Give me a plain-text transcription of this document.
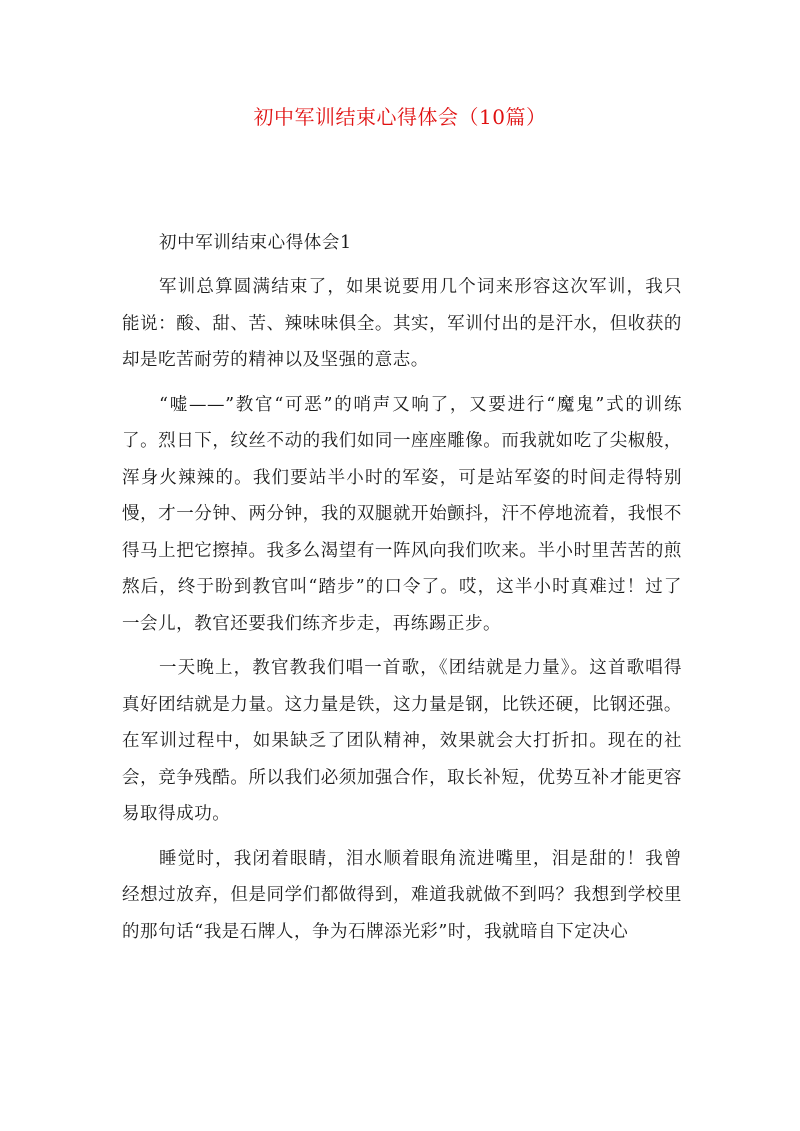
初中军训结束心得体会（10篇）

初中军训结束心得体会1

军训总算圆满结束了，如果说要用几个词来形容这次军训，我只能说：酸、甜、苦、辣味味俱全。其实，军训付出的是汗水，但收获的却是吃苦耐劳的精神以及坚强的意志。

“嘘——”教官“可恶”的哨声又响了，又要进行“魔鬼”式的训练了。烈日下，纹丝不动的我们如同一座座雕像。而我就如吃了尖椒般，浑身火辣辣的。我们要站半小时的军姿，可是站军姿的时间走得特别慢，才一分钟、两分钟，我的双腿就开始颤抖，汗不停地流着，我恨不得马上把它擦掉。我多么渴望有一阵风向我们吹来。半小时里苦苦的煎熬后，终于盼到教官叫“踏步”的口令了。哎，这半小时真难过！过了一会儿，教官还要我们练齐步走，再练踢正步。

一天晚上，教官教我们唱一首歌，《团结就是力量》。这首歌唱得真好团结就是力量。这力量是铁，这力量是钢，比铁还硬，比钢还强。在军训过程中，如果缺乏了团队精神，效果就会大打折扣。现在的社会，竞争残酷。所以我们必须加强合作，取长补短，优势互补才能更容易取得成功。

睡觉时，我闭着眼睛，泪水顺着眼角流进嘴里，泪是甜的！我曾经想过放弃，但是同学们都做得到，难道我就做不到吗？我想到学校里的那句话“我是石牌人，争为石牌添光彩”时，我就暗自下定决心
